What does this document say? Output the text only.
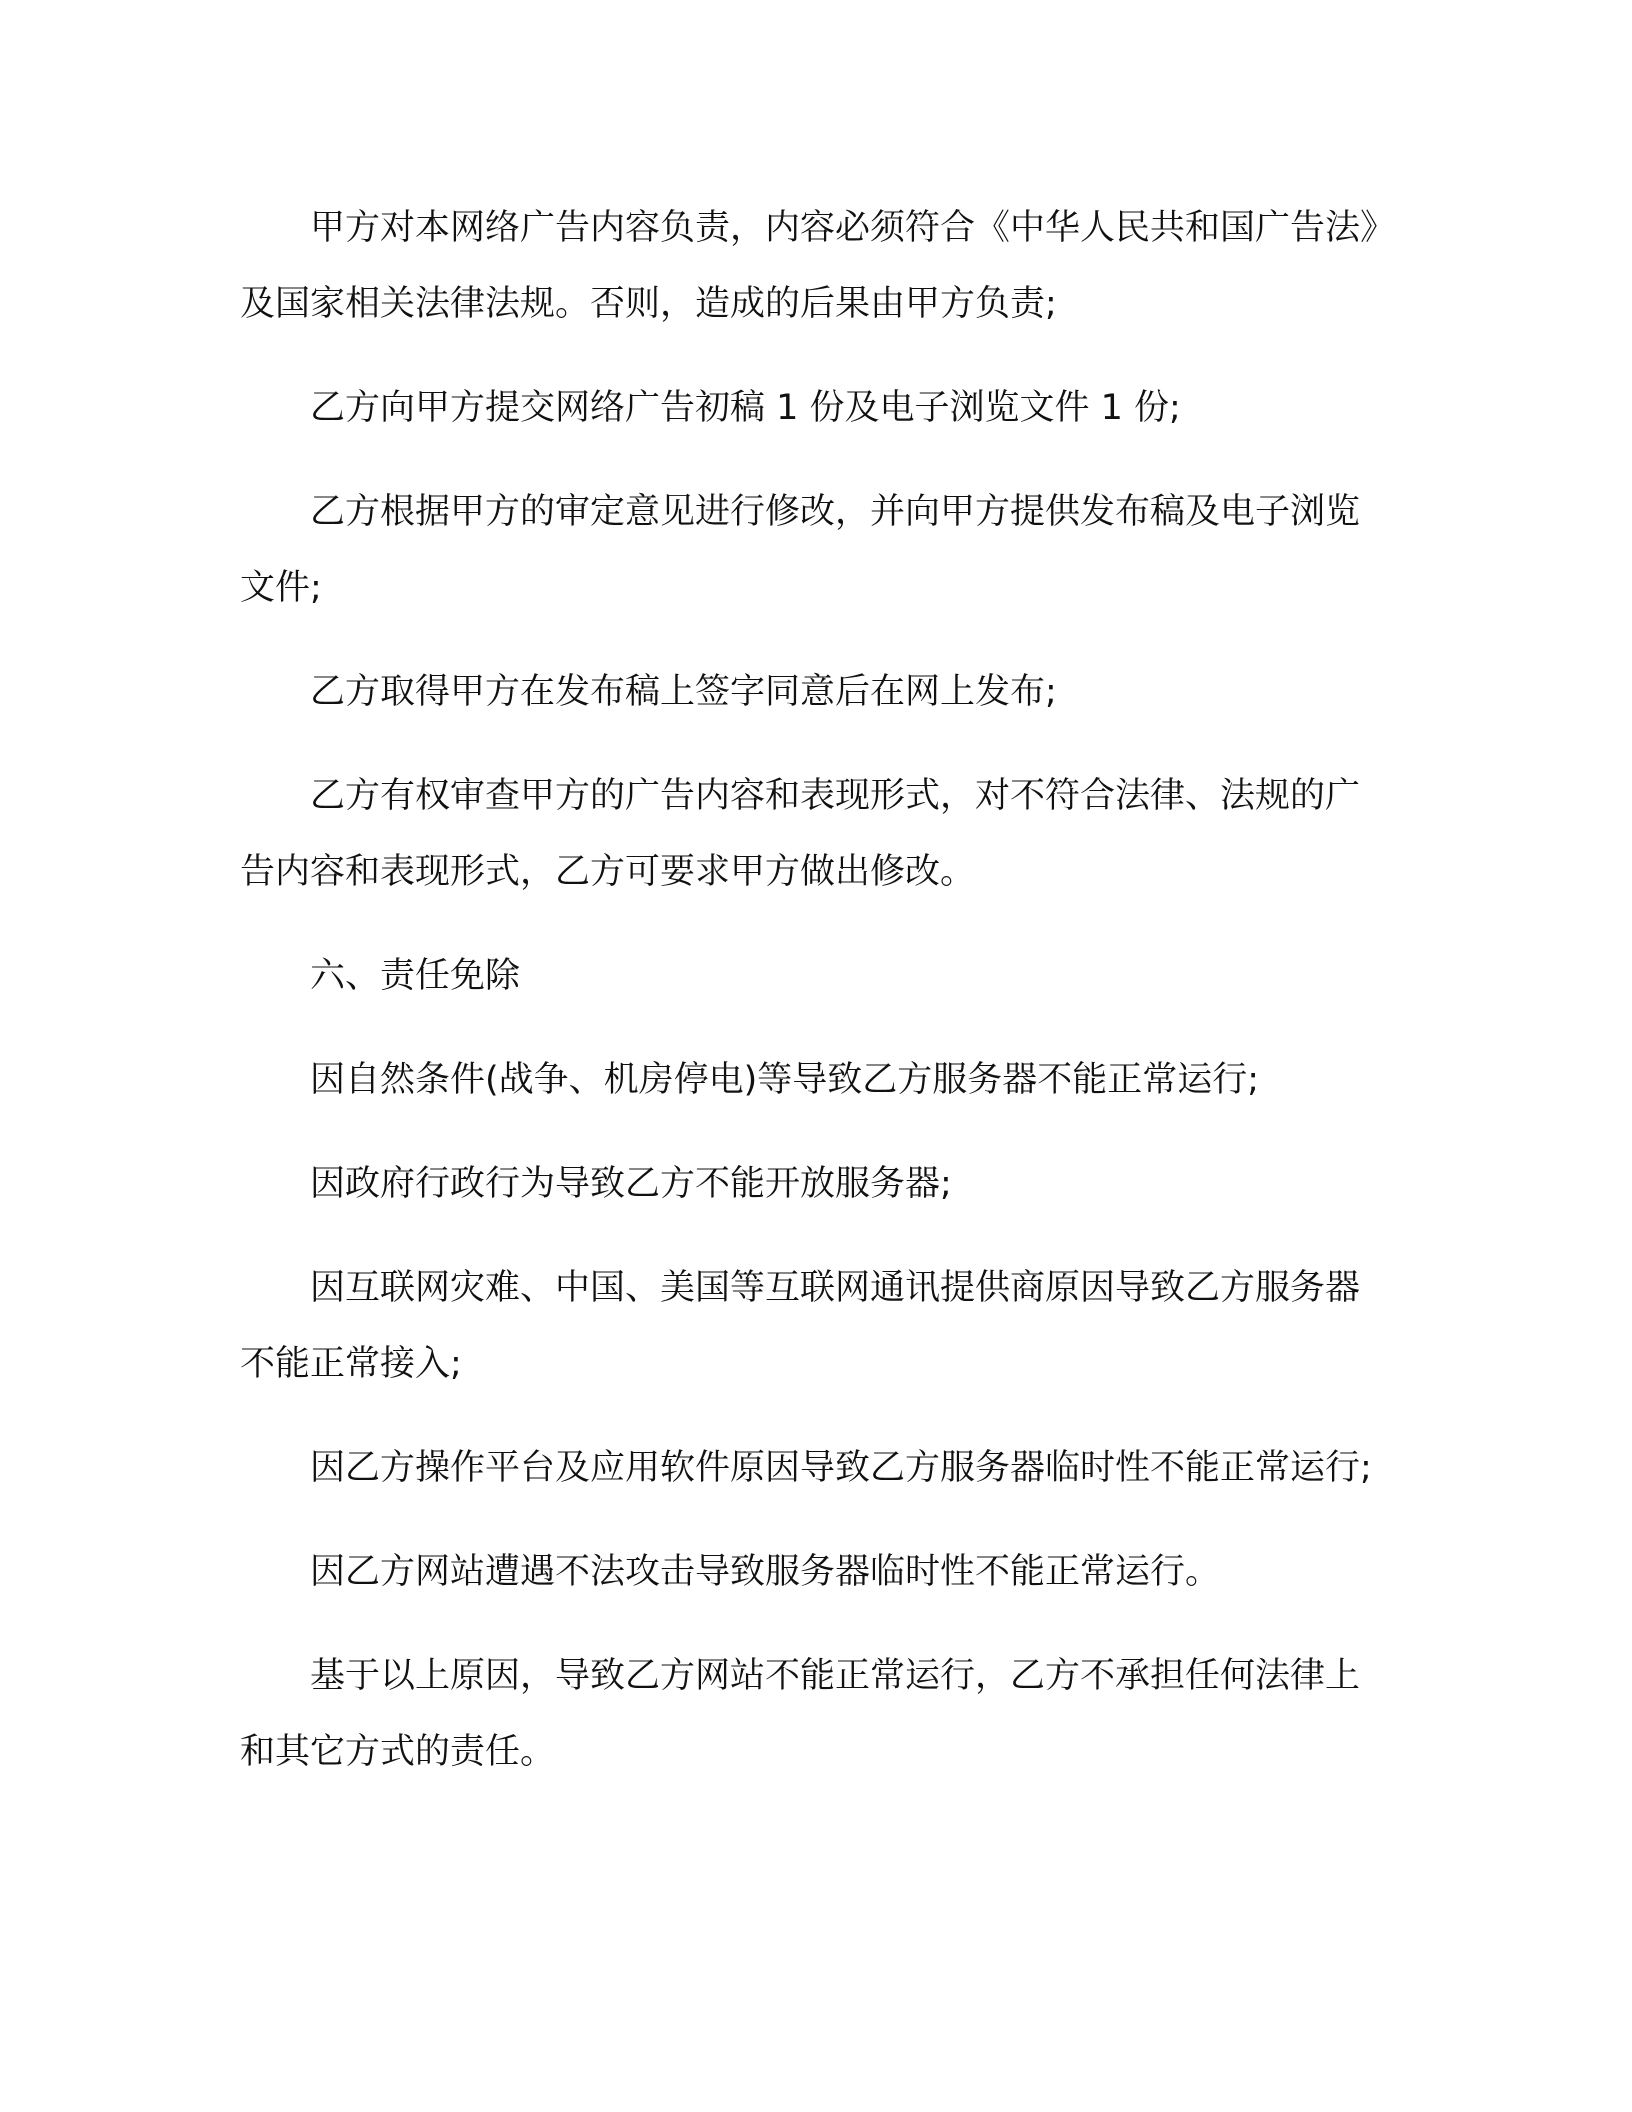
甲方对本网络广告内容负责，内容必须符合《中华人民共和国广告法》及国家相关法律法规。否则，造成的后果由甲方负责;

乙方向甲方提交网络广告初稿 1 份及电子浏览文件 1 份;

乙方根据甲方的审定意见进行修改，并向甲方提供发布稿及电子浏览文件;

乙方取得甲方在发布稿上签字同意后在网上发布;

乙方有权审查甲方的广告内容和表现形式，对不符合法律、法规的广告内容和表现形式，乙方可要求甲方做出修改。

六、责任免除

因自然条件(战争、机房停电)等导致乙方服务器不能正常运行;

因政府行政行为导致乙方不能开放服务器;

因互联网灾难、中国、美国等互联网通讯提供商原因导致乙方服务器不能正常接入;

因乙方操作平台及应用软件原因导致乙方服务器临时性不能正常运行;

因乙方网站遭遇不法攻击导致服务器临时性不能正常运行。

基于以上原因，导致乙方网站不能正常运行，乙方不承担任何法律上和其它方式的责任。
